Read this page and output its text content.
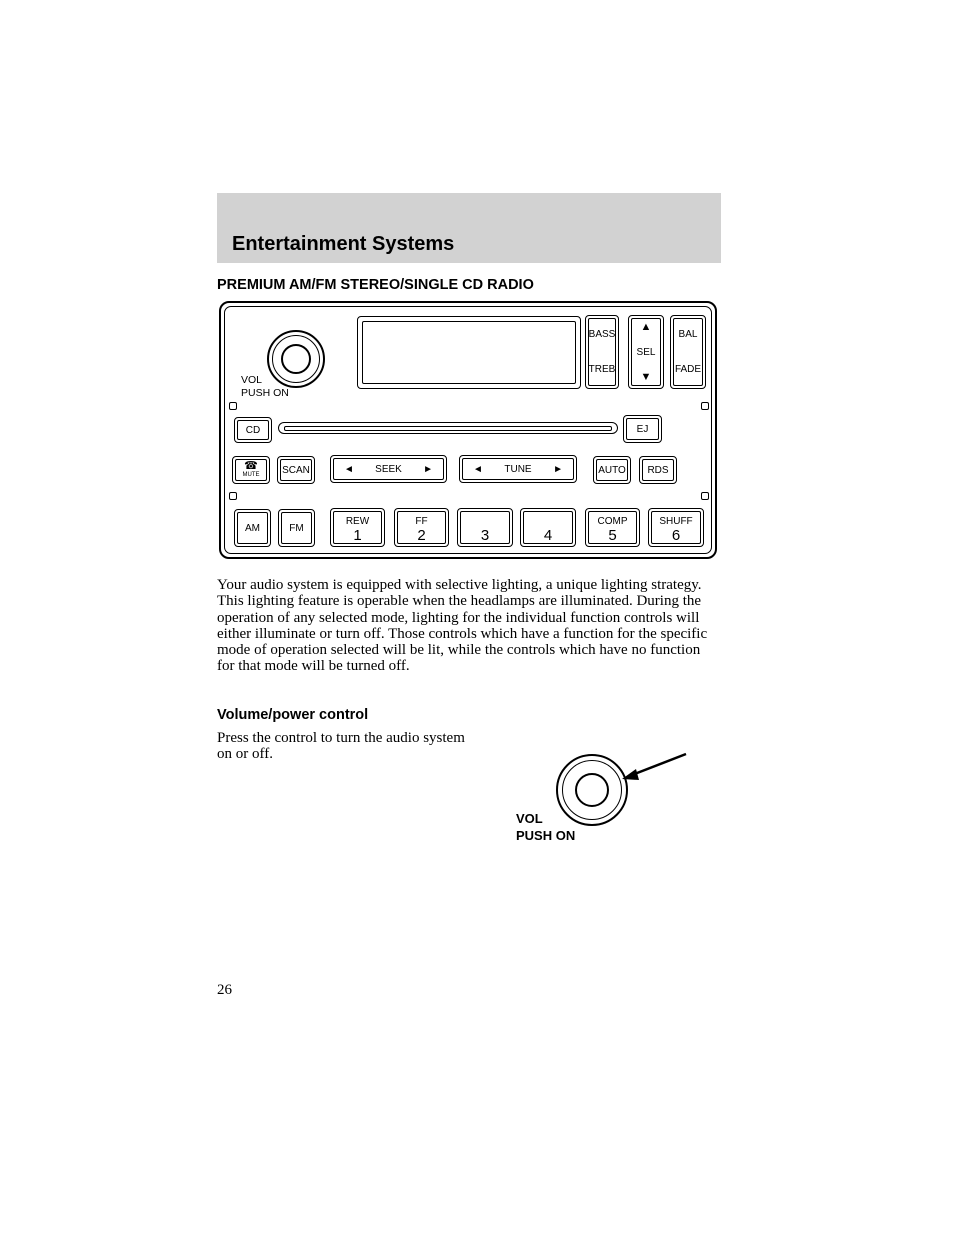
Entertainment Systems
PREMIUM AM/FM STEREO/SINGLE CD RADIO
VOL
PUSH ON
BASS
TREB
▲
SEL
▼
BAL
FADE
CD	EJ
☎
MUTE	SCAN	◄ SEEK ►	◄ TUNE ►	AUTO	RDS
AM	FM
REW
1
FF
2	3	4
COMP
5
SHUFF
6
Your audio system is equipped with selective lighting, a unique lighting strategy. This lighting feature is operable when the headlamps are illuminated. During the operation of any selected mode, lighting for the individual function controls will either illuminate or turn off. Those controls which have a function for the specific mode of operation selected will be lit, while the controls which have no function for that mode will be turned off.
Volume/power control
Press the control to turn the audio system on or off.
VOL
PUSH ON
26
